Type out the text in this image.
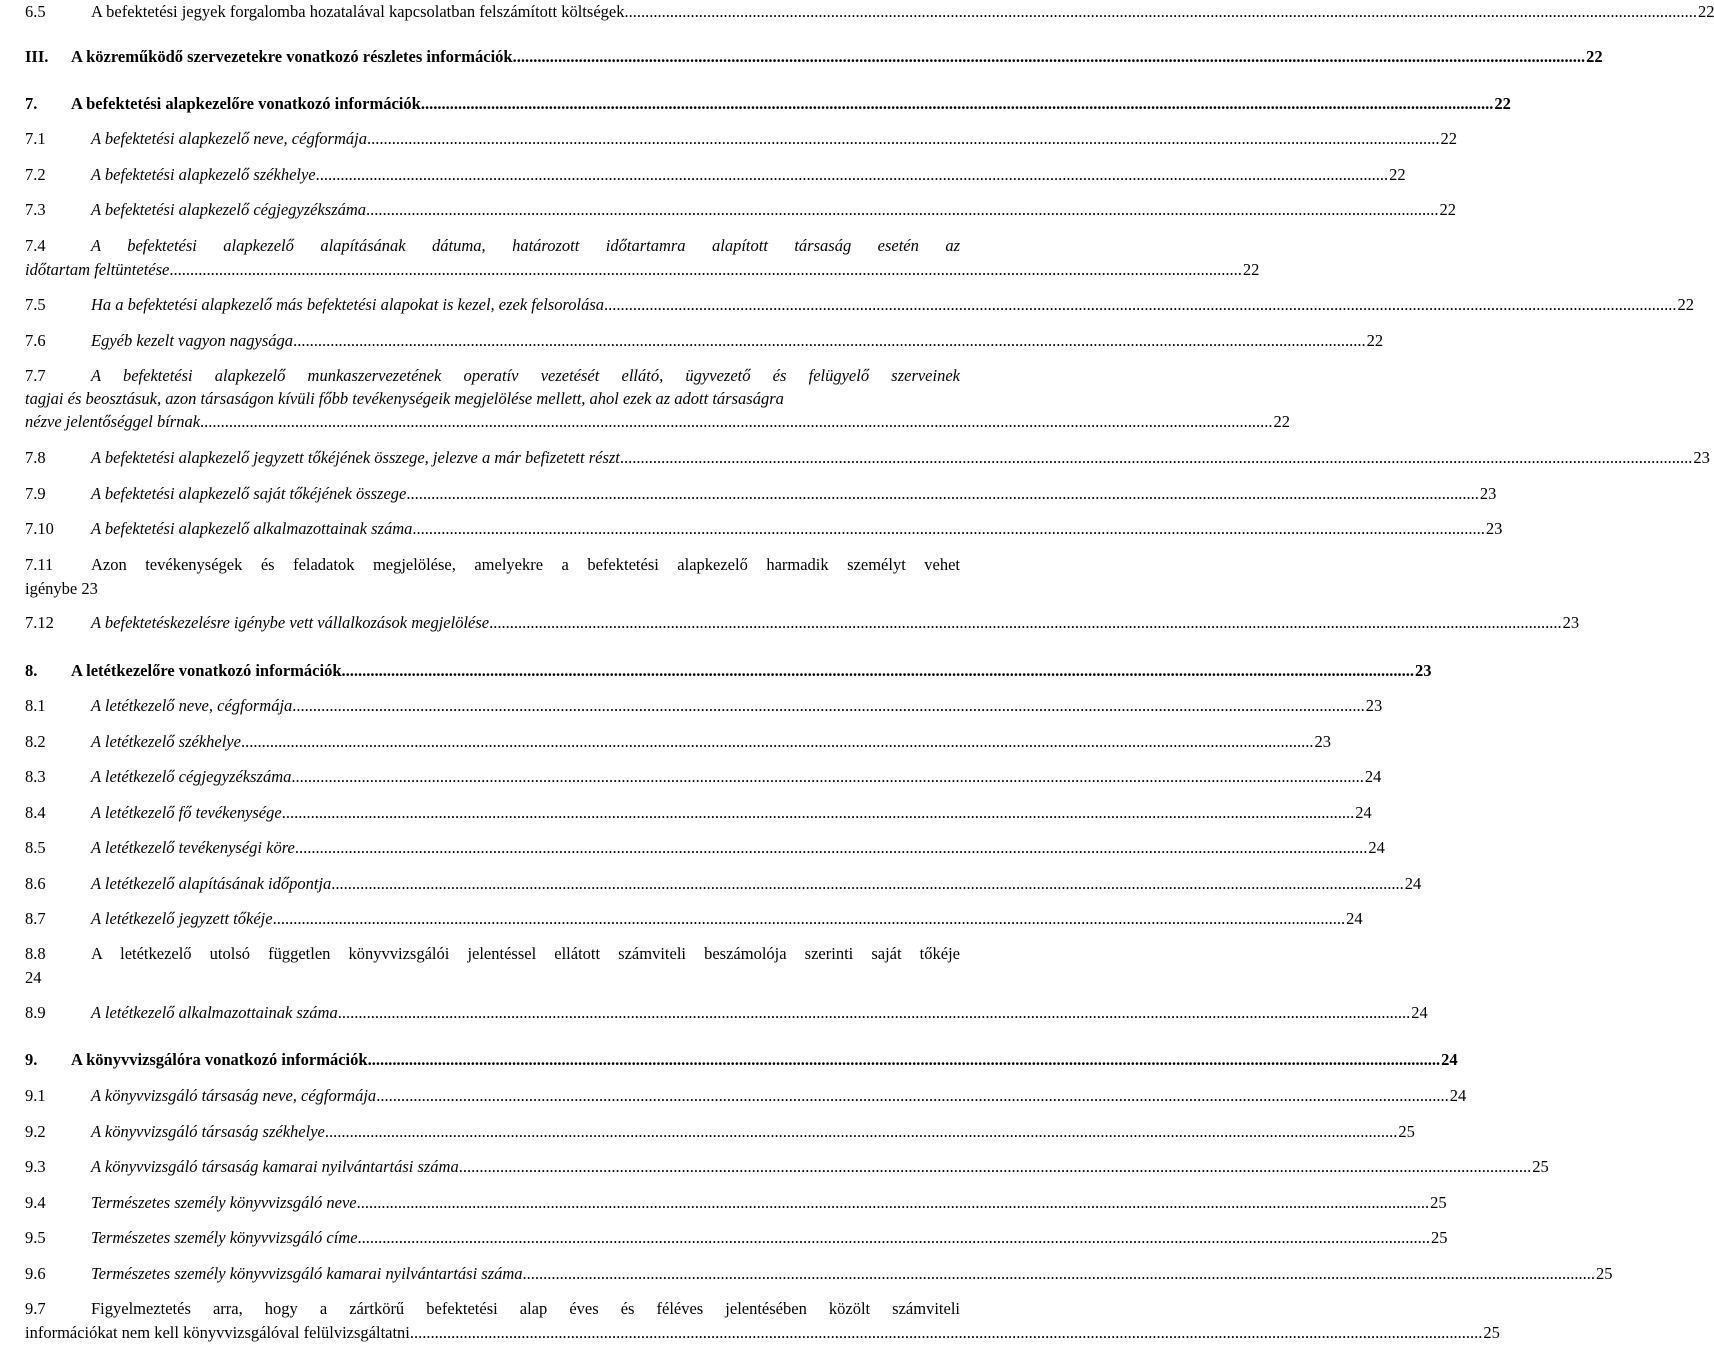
6.5	A befektetési jegyek forgalomba hozatalával kapcsolatban felszámított költségek .....	22
III.	A közreműködő szervezetekre vonatkozó részletes információk .....	22
7.	A befektetési alapkezelőre vonatkozó információk .....	22
7.1	A befektetési alapkezelő neve, cégformája .....	22
7.2	A befektetési alapkezelő székhelye .....	22
7.3	A befektetési alapkezelő cégjegyzékszáma .....	22
7.4	A befektetési alapkezelő alapításának dátuma, határozott időtartamra alapított társaság esetén az
időtartam feltüntetése .....	22
7.5	Ha a befektetési alapkezelő más befektetési alapokat is kezel, ezek felsorolása .....	22
7.6	Egyéb kezelt vagyon nagysága .....	22
7.7	A befektetési alapkezelő munkaszervezetének operatív vezetését ellátó, ügyvezető és felügyelő szerveinek
tagjai és beosztásuk, azon társaságon kívüli főbb tevékenységeik megjelölése mellett, ahol ezek az adott társaságra
nézve jelentőséggel bírnak .....	22
7.8	A befektetési alapkezelő jegyzett tőkéjének összege, jelezve a már befizetett részt .....	23
7.9	A befektetési alapkezelő saját tőkéjének összege .....	23
7.10	A befektetési alapkezelő alkalmazottainak száma .....	23
7.11	Azon tevékenységek és feladatok megjelölése, amelyekre a befektetési alapkezelő harmadik személyt vehet
igénybe 23
7.12	A befektetéskezelésre igénybe vett vállalkozások megjelölése .....	23
8.	A letétkezelőre vonatkozó információk .....	23
8.1	A letétkezelő neve, cégformája .....	23
8.2	A letétkezelő székhelye .....	23
8.3	A letétkezelő cégjegyzékszáma .....	24
8.4	A letétkezelő fő tevékenysége .....	24
8.5	A letétkezelő tevékenységi köre .....	24
8.6	A letétkezelő alapításának időpontja .....	24
8.7	A letétkezelő jegyzett tőkéje .....	24
8.8	A letétkezelő utolsó független könyvvizsgálói jelentéssel ellátott számviteli beszámolója szerinti saját tőkéje
24
8.9	A letétkezelő alkalmazottainak száma .....	24
9.	A könyvvizsgálóra vonatkozó információk .....	24
9.1	A könyvvizsgáló társaság neve, cégformája .....	24
9.2	A könyvvizsgáló társaság székhelye .....	25
9.3	A könyvvizsgáló társaság kamarai nyilvántartási száma .....	25
9.4	Természetes személy könyvvizsgáló neve .....	25
9.5	Természetes személy könyvvizsgáló címe .....	25
9.6	Természetes személy könyvvizsgáló kamarai nyilvántartási száma .....	25
9.7	Figyelmeztetés arra, hogy a zártkörű befektetési alap éves és féléves jelentésében közölt számviteli
információkat nem kell könyvvizsgálóval felülvizsgáltatni .....	25
